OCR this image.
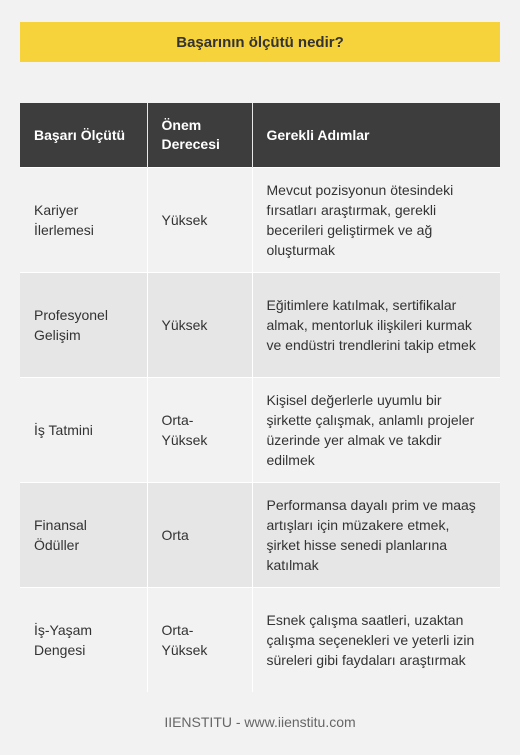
Başarının ölçütü nedir?
Başarı Ölçütü	Önem Derecesi	Gerekli Adımlar
Kariyer İlerlemesi	Yüksek	Mevcut pozisyonun ötesindeki fırsatları araştırmak, gerekli becerileri geliştirmek ve ağ oluşturmak
Profesyonel Gelişim	Yüksek	Eğitimlere katılmak, sertifikalar almak, mentorluk ilişkileri kurmak ve endüstri trendlerini takip etmek
İş Tatmini	Orta-Yüksek	Kişisel değerlerle uyumlu bir şirkette çalışmak, anlamlı projeler üzerinde yer almak ve takdir edilmek
Finansal Ödüller	Orta	Performansa dayalı prim ve maaş artışları için müzakere etmek, şirket hisse senedi planlarına katılmak
İş-Yaşam Dengesi	Orta-Yüksek	Esnek çalışma saatleri, uzaktan çalışma seçenekleri ve yeterli izin süreleri gibi faydaları araştırmak
IIENSTITU - www.iienstitu.com
